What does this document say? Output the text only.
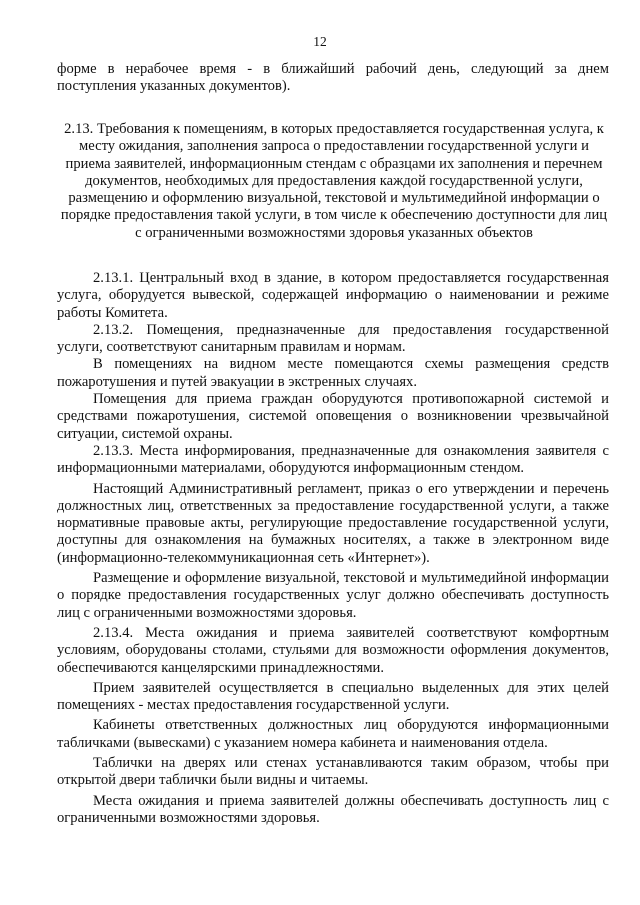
12

форме в нерабочее время - в ближайший рабочий день, следующий за днем поступления указанных документов).

2.13. Требования к помещениям, в которых предоставляется государственная услуга, к месту ожидания, заполнения запроса о предоставлении государственной услуги и приема заявителей, информационным стендам с образцами их заполнения и перечнем документов, необходимых для предоставления каждой государственной услуги, размещению и оформлению визуальной, текстовой и мультимедийной информации о порядке предоставления такой услуги, в том числе к обеспечению доступности для лиц с ограниченными возможностями здоровья указанных объектов

2.13.1. Центральный вход в здание, в котором предоставляется государственная услуга, оборудуется вывеской, содержащей информацию о наименовании и режиме работы Комитета.

2.13.2. Помещения, предназначенные для предоставления государственной услуги, соответствуют санитарным правилам и нормам.

В помещениях на видном месте помещаются схемы размещения средств пожаротушения и путей эвакуации в экстренных случаях.

Помещения для приема граждан оборудуются противопожарной системой и средствами пожаротушения, системой оповещения о возникновении чрезвычайной ситуации, системой охраны.

2.13.3. Места информирования, предназначенные для ознакомления заявителя с информационными материалами, оборудуются информационным стендом.

Настоящий Административный регламент, приказ о его утверждении и перечень должностных лиц, ответственных за предоставление государственной услуги, а также нормативные правовые акты, регулирующие предоставление государственной услуги, доступны для ознакомления на бумажных носителях, а также в электронном виде (информационно-телекоммуникационная сеть «Интернет»).

Размещение и оформление визуальной, текстовой и мультимедийной информации о порядке предоставления государственных услуг должно обеспечивать доступность лиц с ограниченными возможностями здоровья.

2.13.4. Места ожидания и приема заявителей соответствуют комфортным условиям, оборудованы столами, стульями для возможности оформления документов, обеспечиваются канцелярскими принадлежностями.

Прием заявителей осуществляется в специально выделенных для этих целей помещениях - местах предоставления государственной услуги.

Кабинеты ответственных должностных лиц оборудуются информационными табличками (вывесками) с указанием номера кабинета и наименования отдела.

Таблички на дверях или стенах устанавливаются таким образом, чтобы при открытой двери таблички были видны и читаемы.

Места ожидания и приема заявителей должны обеспечивать доступность лиц с ограниченными возможностями здоровья.
